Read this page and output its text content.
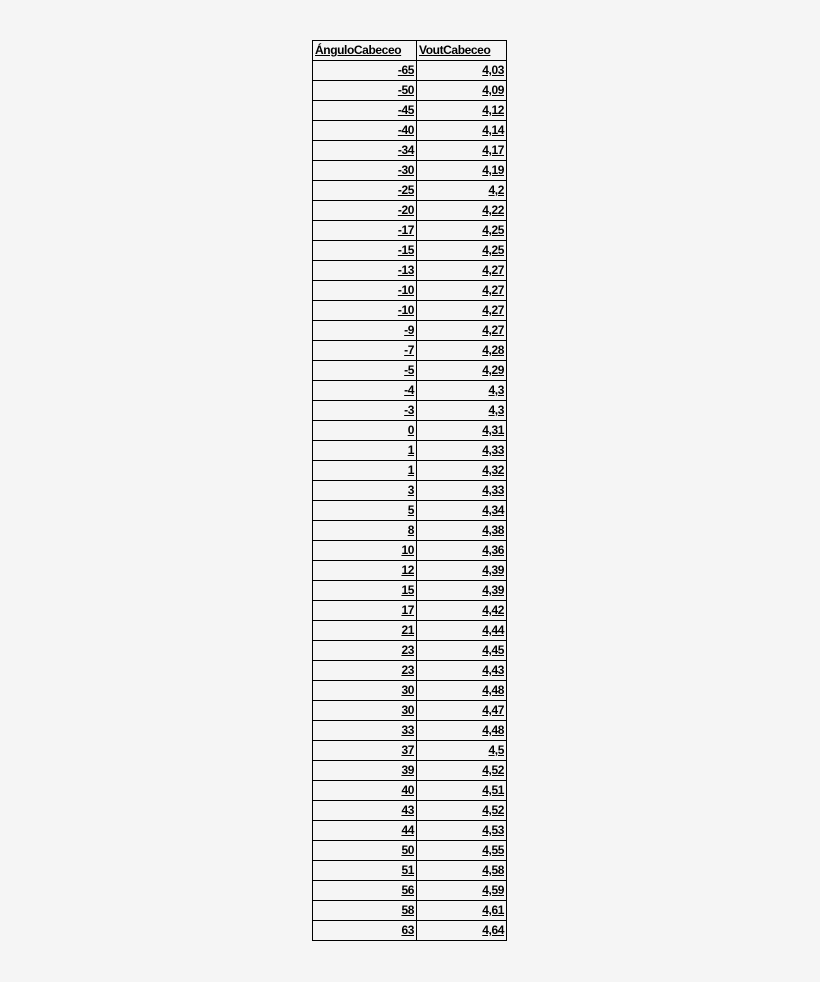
ÁnguloCabeceo	VoutCabeceo
-65	4,03
-50	4,09
-45	4,12
-40	4,14
-34	4,17
-30	4,19
-25	4,2
-20	4,22
-17	4,25
-15	4,25
-13	4,27
-10	4,27
-10	4,27
-9	4,27
-7	4,28
-5	4,29
-4	4,3
-3	4,3
0	4,31
1	4,33
1	4,32
3	4,33
5	4,34
8	4,38
10	4,36
12	4,39
15	4,39
17	4,42
21	4,44
23	4,45
23	4,43
30	4,48
30	4,47
33	4,48
37	4,5
39	4,52
40	4,51
43	4,52
44	4,53
50	4,55
51	4,58
56	4,59
58	4,61
63	4,64
